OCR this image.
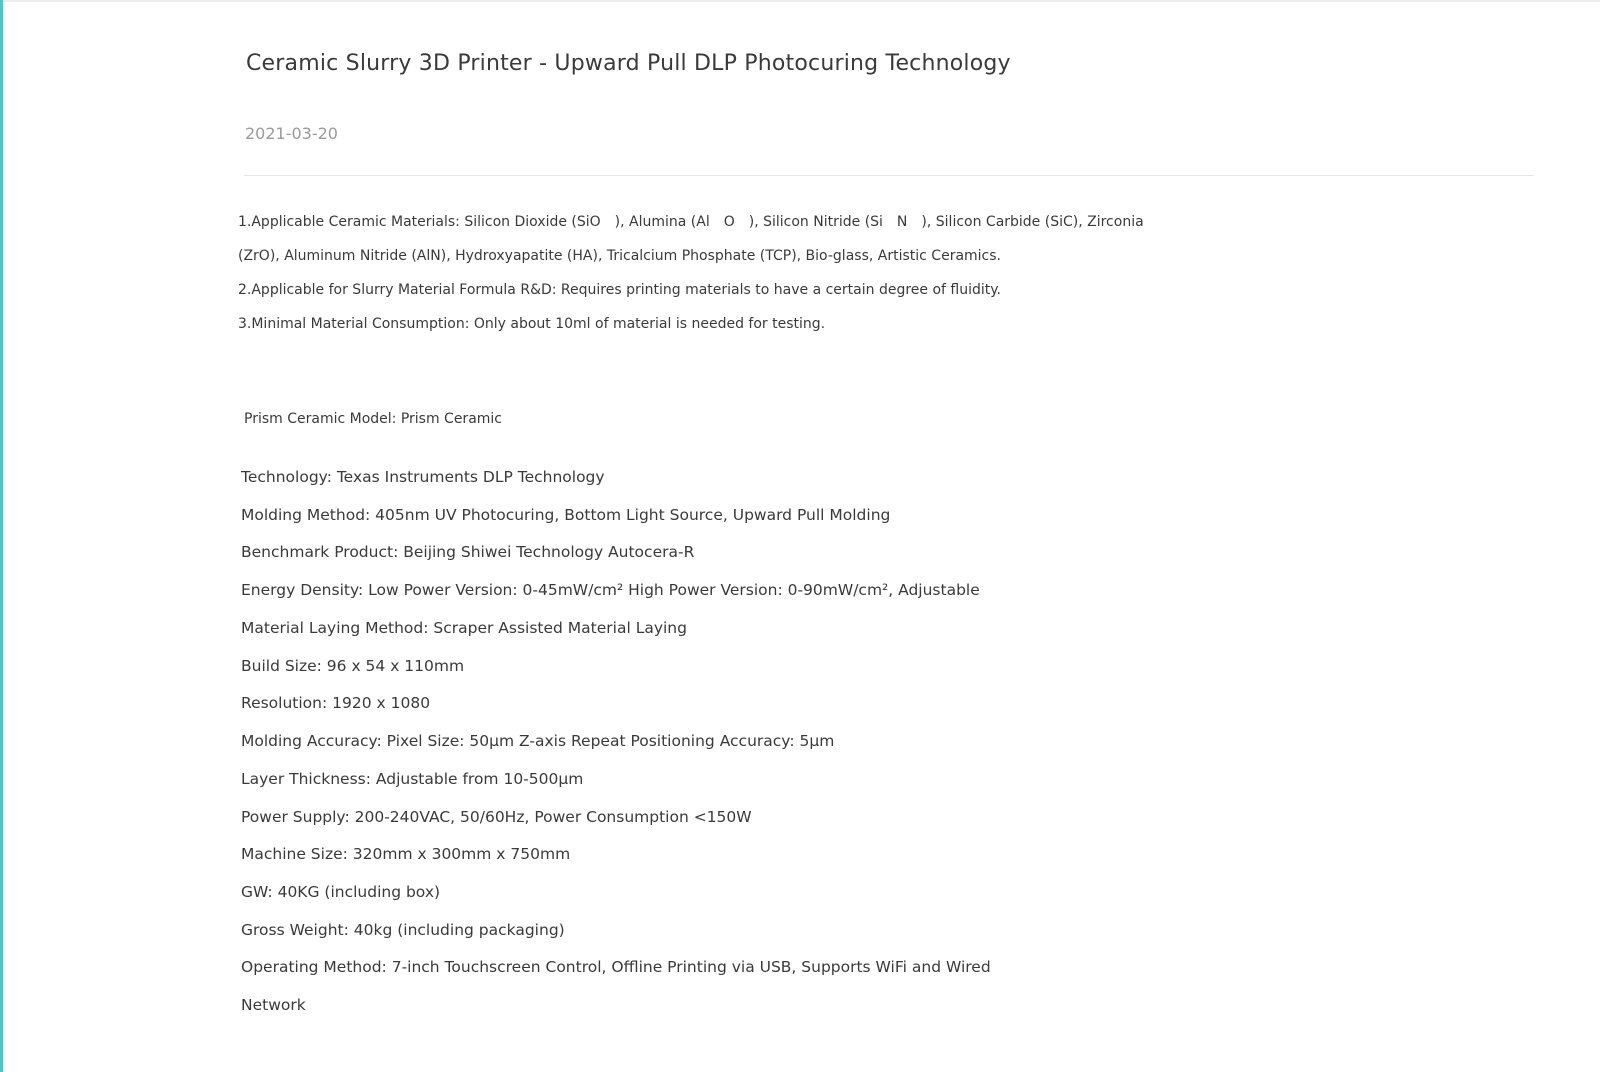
Ceramic Slurry 3D Printer - Upward Pull DLP Photocuring Technology
2021-03-20
1.Applicable Ceramic Materials: Silicon Dioxide (SiO  ), Alumina (Al  O  ), Silicon Nitride (Si  N  ), Silicon Carbide (SiC), Zirconia
(ZrO), Aluminum Nitride (AlN), Hydroxyapatite (HA), Tricalcium Phosphate (TCP), Bio-glass, Artistic Ceramics.
2.Applicable for Slurry Material Formula R&D: Requires printing materials to have a certain degree of fluidity.
3.Minimal Material Consumption: Only about 10ml of material is needed for testing.
Prism Ceramic Model: Prism Ceramic
Technology: Texas Instruments DLP Technology
Molding Method: 405nm UV Photocuring, Bottom Light Source, Upward Pull Molding
Benchmark Product: Beijing Shiwei Technology Autocera-R
Energy Density: Low Power Version: 0-45mW/cm² High Power Version: 0-90mW/cm², Adjustable
Material Laying Method: Scraper Assisted Material Laying
Build Size: 96 x 54 x 110mm
Resolution: 1920 x 1080
Molding Accuracy: Pixel Size: 50μm Z-axis Repeat Positioning Accuracy: 5μm
Layer Thickness: Adjustable from 10-500μm
Power Supply: 200-240VAC, 50/60Hz, Power Consumption <150W
Machine Size: 320mm x 300mm x 750mm
GW: 40KG (including box)
Gross Weight: 40kg (including packaging)
Operating Method: 7-inch Touchscreen Control, Offline Printing via USB, Supports WiFi and Wired
Network
